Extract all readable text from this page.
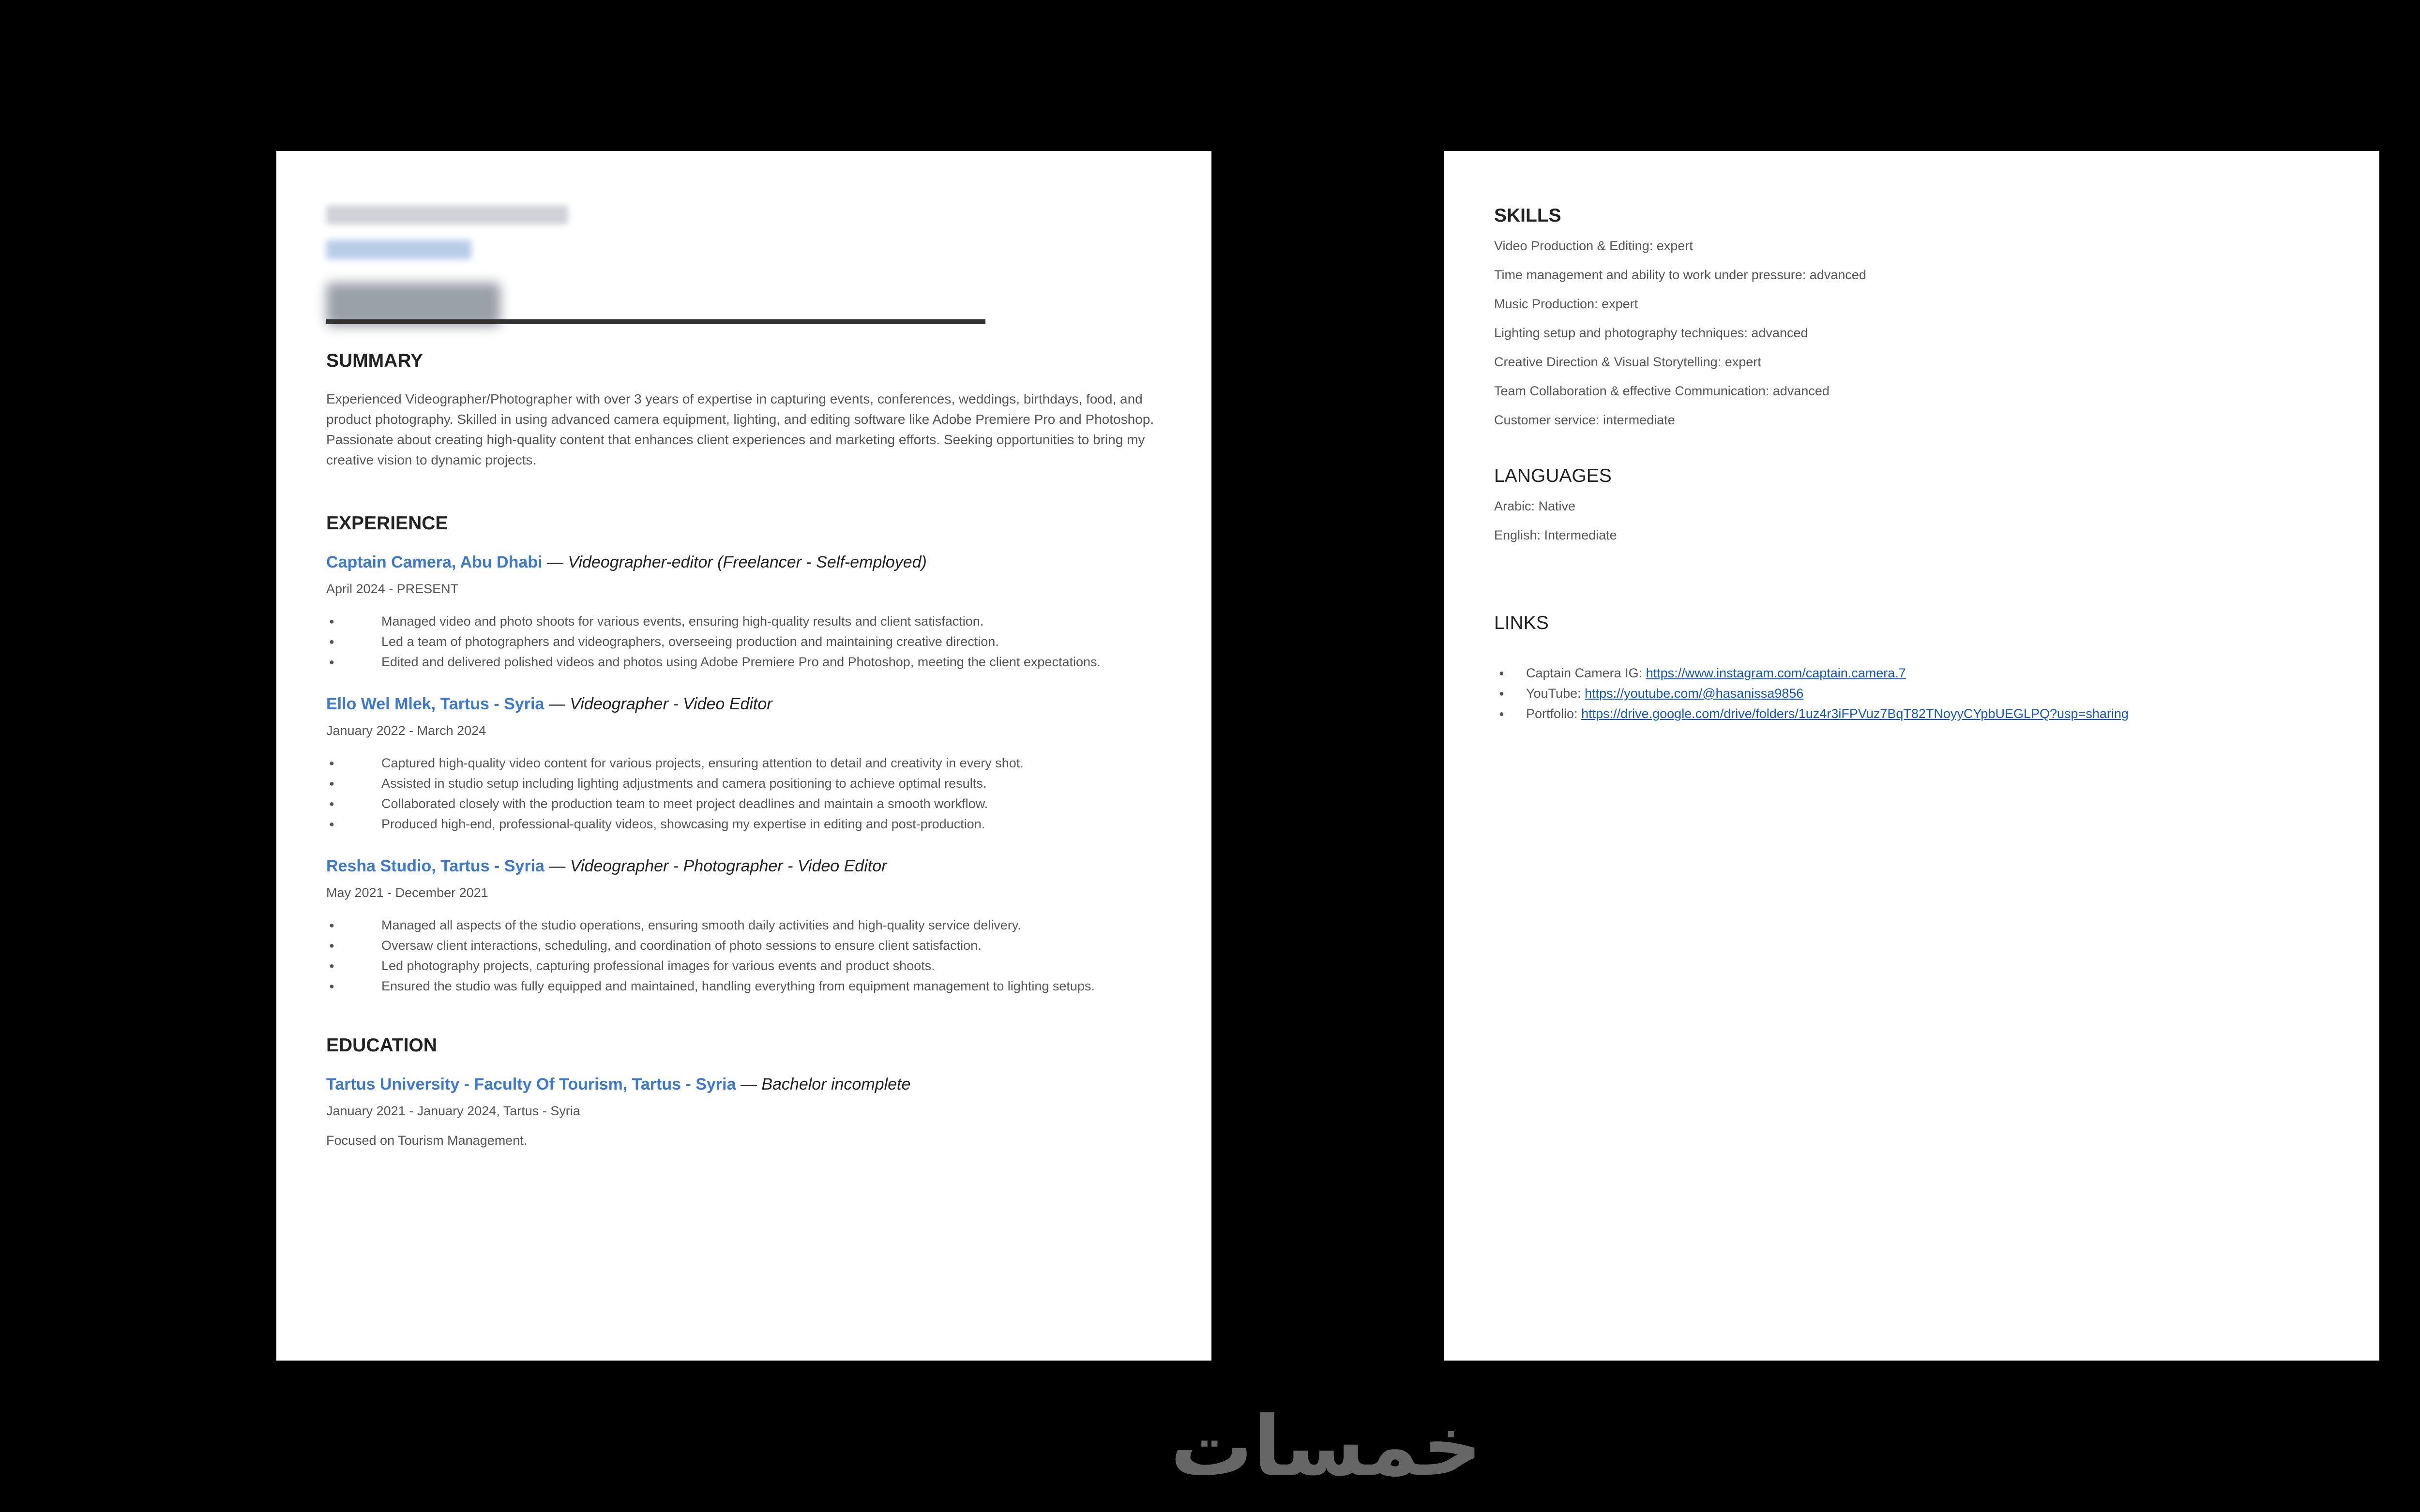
SUMMARY

Experienced Videographer/Photographer with over 3 years of expertise in capturing events, conferences, weddings, birthdays, food, and product photography. Skilled in using advanced camera equipment, lighting, and editing software like Adobe Premiere Pro and Photoshop. Passionate about creating high-quality content that enhances client experiences and marketing efforts. Seeking opportunities to bring my creative vision to dynamic projects.

EXPERIENCE

Captain Camera, Abu Dhabi — Videographer-editor (Freelancer - Self-employed)

April 2024 - PRESENT

● Managed video and photo shoots for various events, ensuring high-quality results and client satisfaction.
● Led a team of photographers and videographers, overseeing production and maintaining creative direction.
● Edited and delivered polished videos and photos using Adobe Premiere Pro and Photoshop, meeting the client expectations.

Ello Wel Mlek, Tartus - Syria — Videographer - Video Editor

January 2022 - March 2024

● Captured high-quality video content for various projects, ensuring attention to detail and creativity in every shot.
● Assisted in studio setup including lighting adjustments and camera positioning to achieve optimal results.
● Collaborated closely with the production team to meet project deadlines and maintain a smooth workflow.
● Produced high-end, professional-quality videos, showcasing my expertise in editing and post-production.

Resha Studio, Tartus - Syria — Videographer - Photographer - Video Editor

May 2021 - December 2021

● Managed all aspects of the studio operations, ensuring smooth daily activities and high-quality service delivery.
● Oversaw client interactions, scheduling, and coordination of photo sessions to ensure client satisfaction.
● Led photography projects, capturing professional images for various events and product shoots.
● Ensured the studio was fully equipped and maintained, handling everything from equipment management to lighting setups.
EDUCATION

Tartus University - Faculty Of Tourism, Tartus - Syria — Bachelor incomplete

January 2021 - January 2024, Tartus - Syria

Focused on Tourism Management.

SKILLS
Video Production & Editing: expert
Time management and ability to work under pressure: advanced
Music Production: expert
Lighting setup and photography techniques: advanced
Creative Direction & Visual Storytelling: expert
Team Collaboration & effective Communication: advanced
Customer service: intermediate
LANGUAGES
Arabic: Native
English: Intermediate
LINKS
● Captain Camera IG: https://www.instagram.com/captain.camera.7
● YouTube: https://youtube.com/@hasanissa9856
● Portfolio: https://drive.google.com/drive/folders/1uz4r3iFPVuz7BqT82TNoyyCYpbUEGLPQ?usp=sharing
خمسات
